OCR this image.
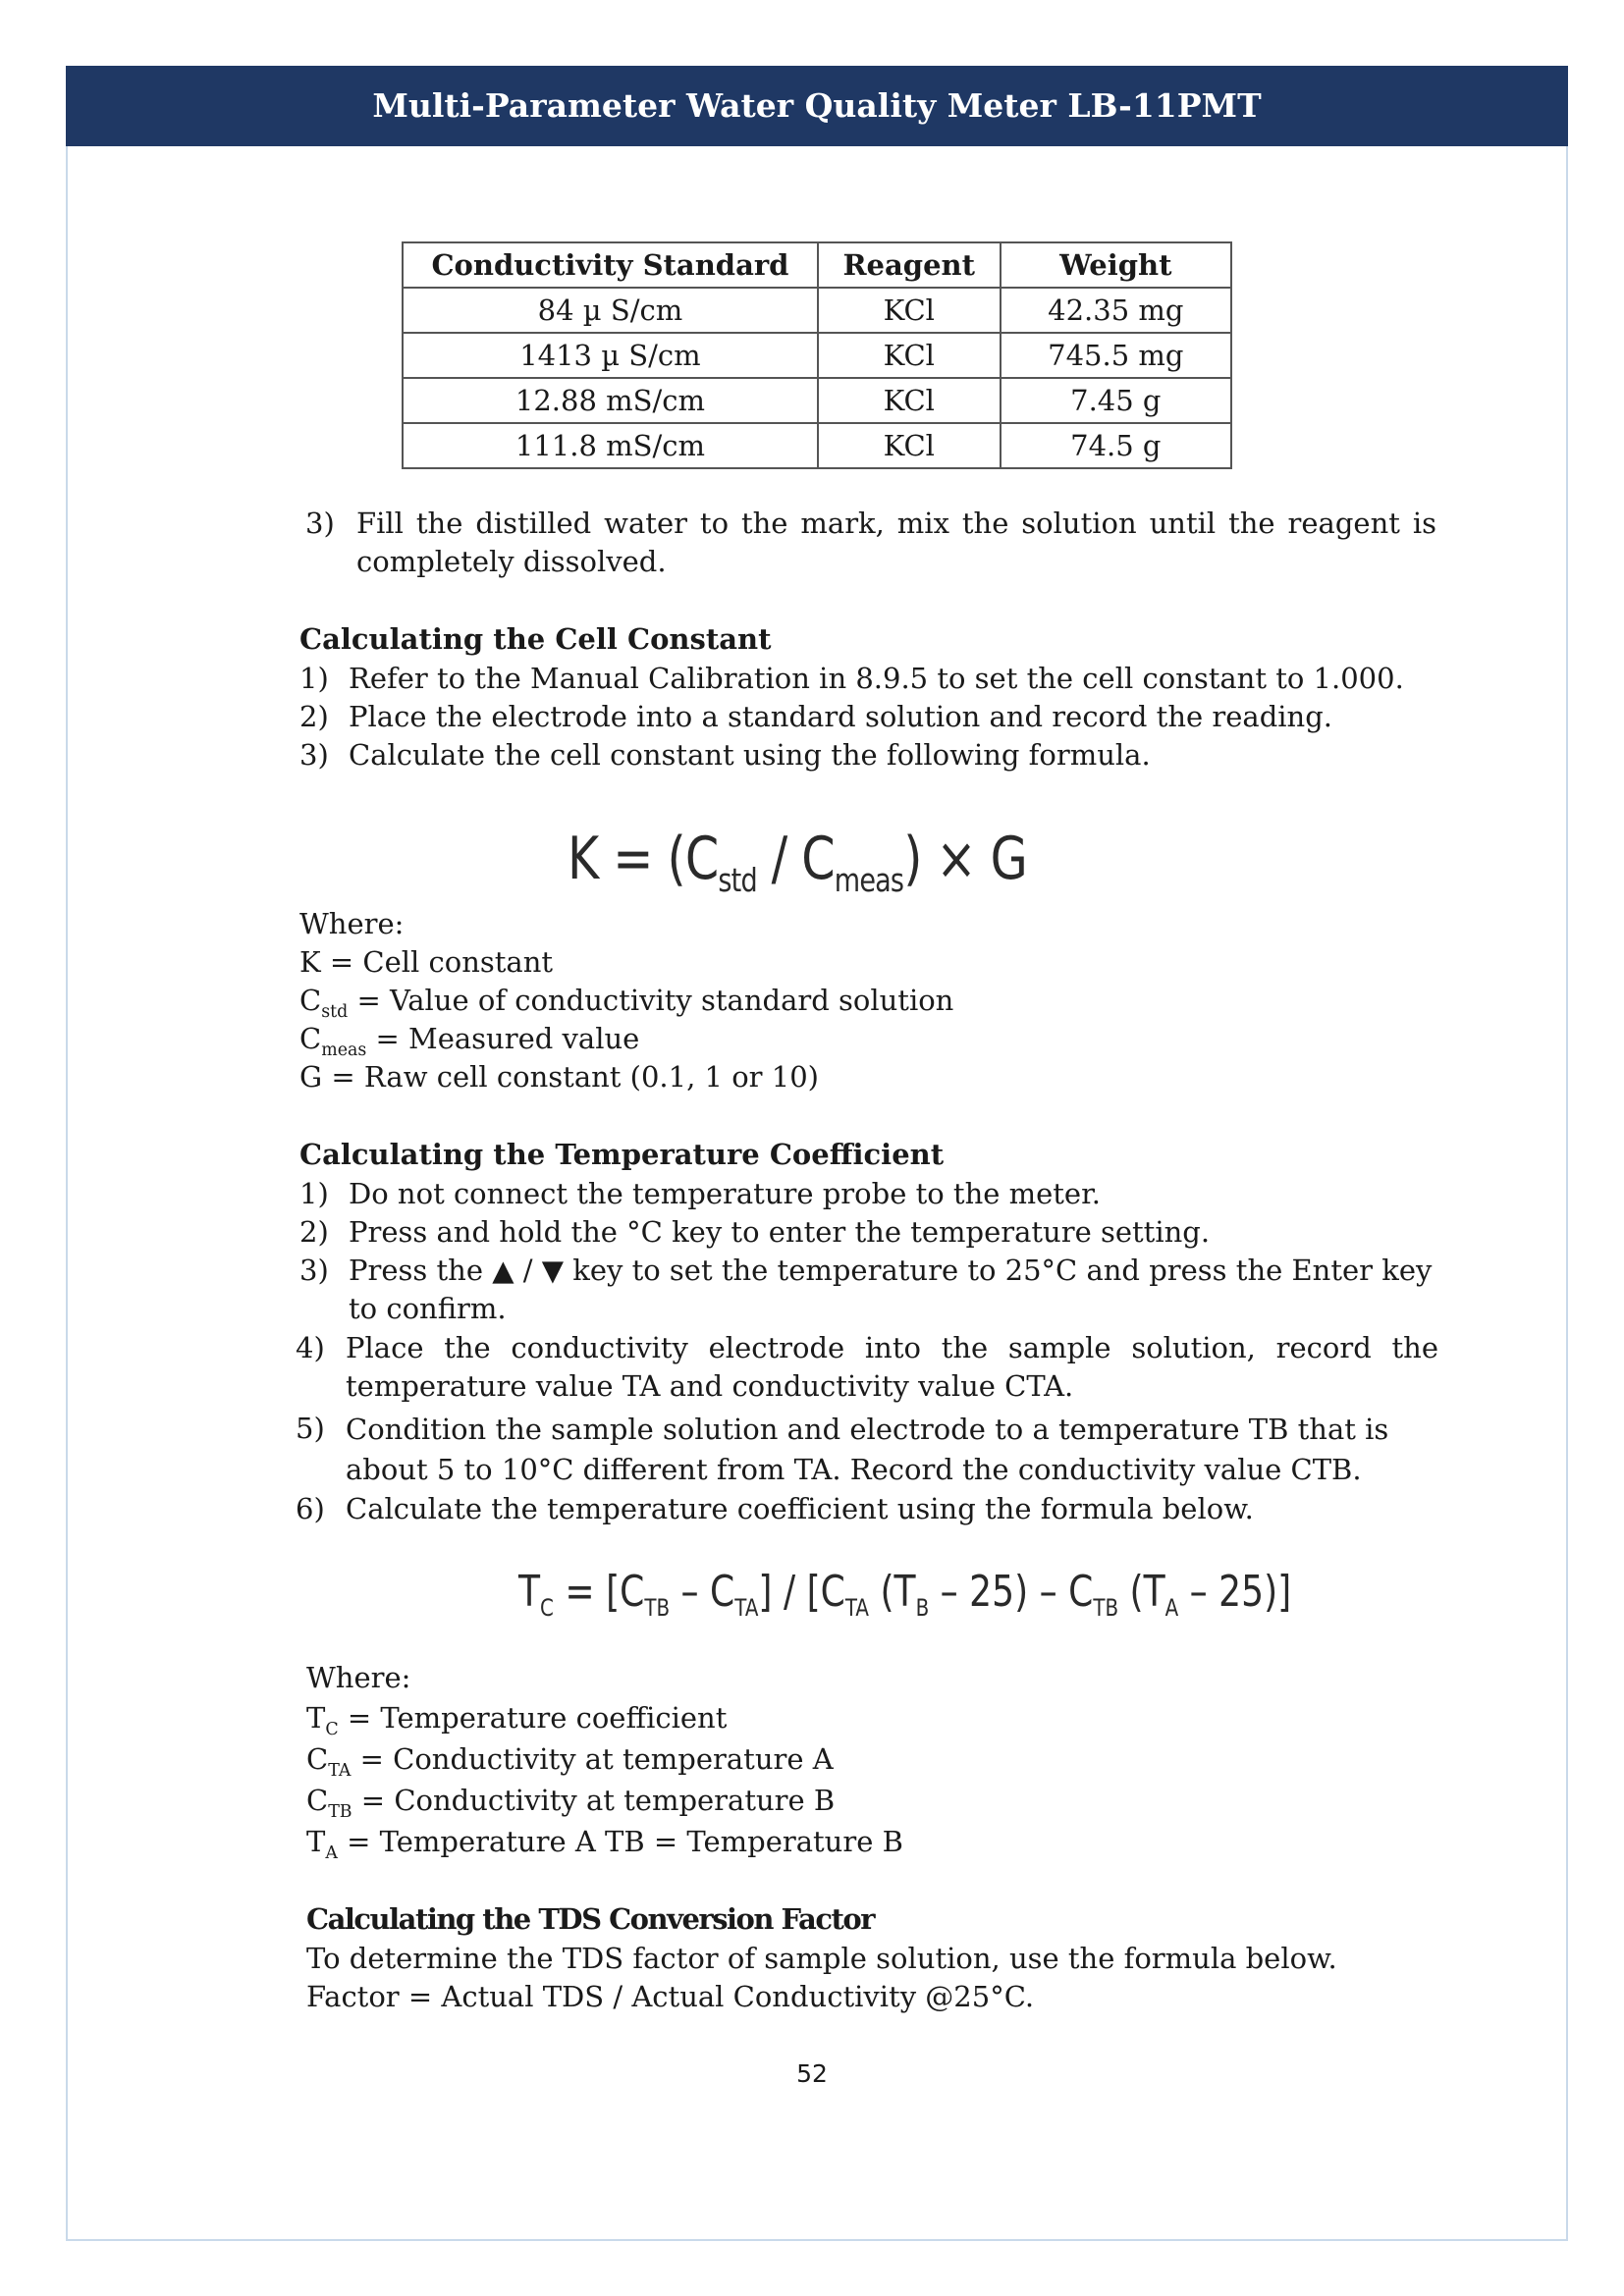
Multi-Parameter Water Quality Meter LB-11PMT
Conductivity Standard	Reagent	Weight
84 µ S/cm	KCl	42.35 mg
1413 µ S/cm	KCl	745.5 mg
12.88 mS/cm	KCl	7.45 g
111.8 mS/cm	KCl	74.5 g
3) Fill the distilled water to the mark, mix the solution until the reagent is completely dissolved.
Calculating the Cell Constant
1) Refer to the Manual Calibration in 8.9.5 to set the cell constant to 1.000.
2) Place the electrode into a standard solution and record the reading.
3) Calculate the cell constant using the following formula.
$K = (C_{std} / C_{meas}) \times G$
Where:
K = Cell constant
$C_{std}$ = Value of conductivity standard solution
$C_{meas}$ = Measured value
G = Raw cell constant (0.1, 1 or 10)
Calculating the Temperature Coefficient
1) Do not connect the temperature probe to the meter.
2) Press and hold the °C key to enter the temperature setting.
3) Press the ▲ / ▼ key to set the temperature to 25°C and press the Enter key to confirm.
4) Place the conductivity electrode into the sample solution, record the temperature value TA and conductivity value CTA.
5) Condition the sample solution and electrode to a temperature TB that is about 5 to 10°C different from TA. Record the conductivity value CTB.
6) Calculate the temperature coefficient using the formula below.
$T_C = [C_{TB} - C_{TA}] / [C_{TA}$ $(T_B - 25) - C_{TB}$ $(T_A - 25)$]
Where:
$T_C$ = Temperature coefficient
$C_{TA}$ = Conductivity at temperature A
$C_{TB}$ = Conductivity at temperature B
$T_A$ = Temperature A TB = Temperature B
Calculating the TDS Conversion Factor
To determine the TDS factor of sample solution, use the formula below. Factor = Actual TDS / Actual Conductivity @25°C.
52
